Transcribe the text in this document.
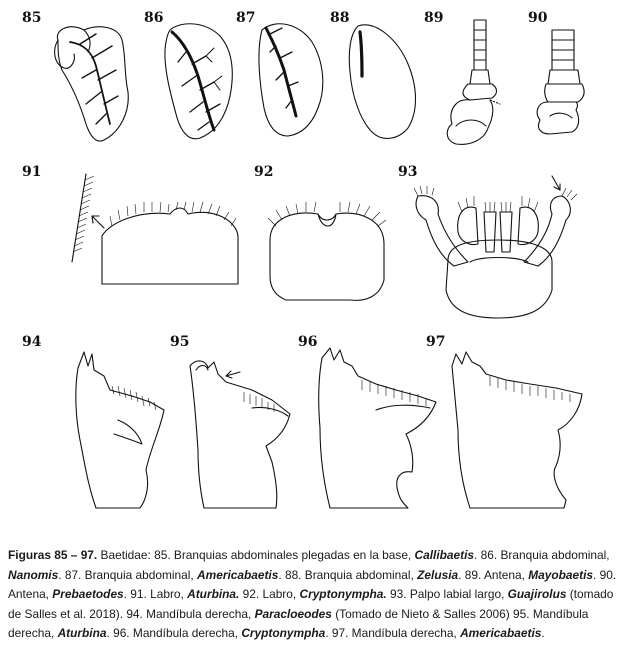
85	86	87	88	89	90
91	92	93
94	95	96	97
Figuras 85 – 97. Baetidae: 85. Branquias abdominales plegadas en la base, Callibaetis. 86. Branquia abdominal, Nanomis. 87. Branquia abdominal, Americabaetis. 88. Branquia abdominal, Zelusia. 89. Antena, Mayobaetis. 90. Antena, Prebaetodes. 91. Labro, Aturbina. 92. Labro, Cryptonympha. 93. Palpo labial largo, Guajirolus (tomado de Salles et al. 2018). 94. Mandíbula derecha, Paracloeodes (Tomado de Nieto & Salles 2006) 95. Mandíbula derecha, Aturbina. 96. Mandíbula derecha, Cryptonympha. 97. Mandíbula derecha, Americabaetis.
